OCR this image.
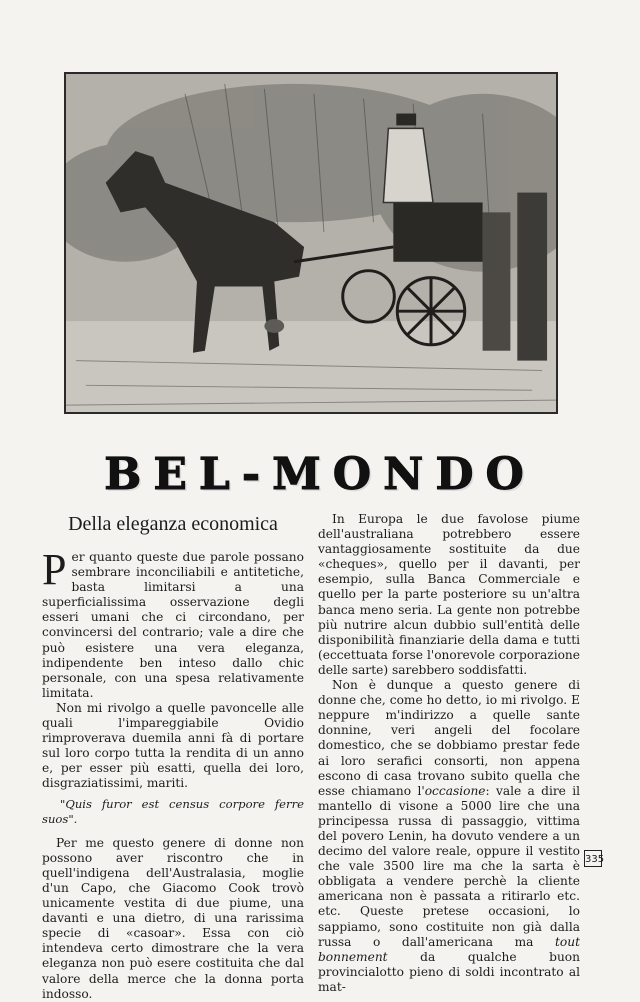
BEL-MONDO
Della eleganza economica

Per quanto queste due parole possano sembrare inconciliabili e antitetiche, basta limitarsi a una superficialissima osservazione degli esseri umani che ci circondano, per convincersi del contrario; vale a dire che può esistere una vera eleganza, indipendente ben inteso dallo chic personale, con una spesa relativamente limitata.

Non mi rivolgo a quelle pavoncelle alle quali l'impareggiabile Ovidio rimproverava duemila anni fà di portare sul loro corpo tutta la rendita di un anno e, per esser più esatti, quella dei loro, disgraziatissimi, mariti.

"Quis furor est census corpore ferre suos".

Per me questo genere di donne non possono aver riscontro che in quell'indigena dell'Australasia, moglie d'un Capo, che Giacomo Cook trovò unicamente vestita di due piume, una davanti e una dietro, di una rarissima specie di «casoar». Essa con ciò intendeva certo dimostrare che la vera eleganza non può esere costituita che dal valore della merce che la donna porta indosso.

In Europa le due favolose piume dell'australiana potrebbero essere vantaggiosamente sostituite da due «cheques», quello per il davanti, per esempio, sulla Banca Commerciale e quello per la parte posteriore su un'altra banca meno seria. La gente non potrebbe più nutrire alcun dubbio sull'entità delle disponibilità finanziarie della dama e tutti (eccettuata forse l'onorevole corporazione delle sarte) sarebbero soddisfatti.

Non è dunque a questo genere di donne che, come ho detto, io mi rivolgo. E neppure m'indirizzo a quelle sante donnine, veri angeli del focolare domestico, che se dobbiamo prestar fede ai loro serafici consorti, non appena escono di casa trovano subito quella che esse chiamano l'occasione: vale a dire il mantello di visone a 5000 lire che una principessa russa di passaggio, vittima del povero Lenin, ha dovuto vendere a un decimo del valore reale, oppure il vestito che vale 3500 lire ma che la sarta è obbligata a vendere perchè la cliente americana non è passata a ritirarlo etc. etc. Queste pretese occasioni, lo sappiamo, sono costituite non già dalla russa o dall'americana ma tout bonnement da qualche buon provincialotto pieno di soldi incontrato al mat-

335
